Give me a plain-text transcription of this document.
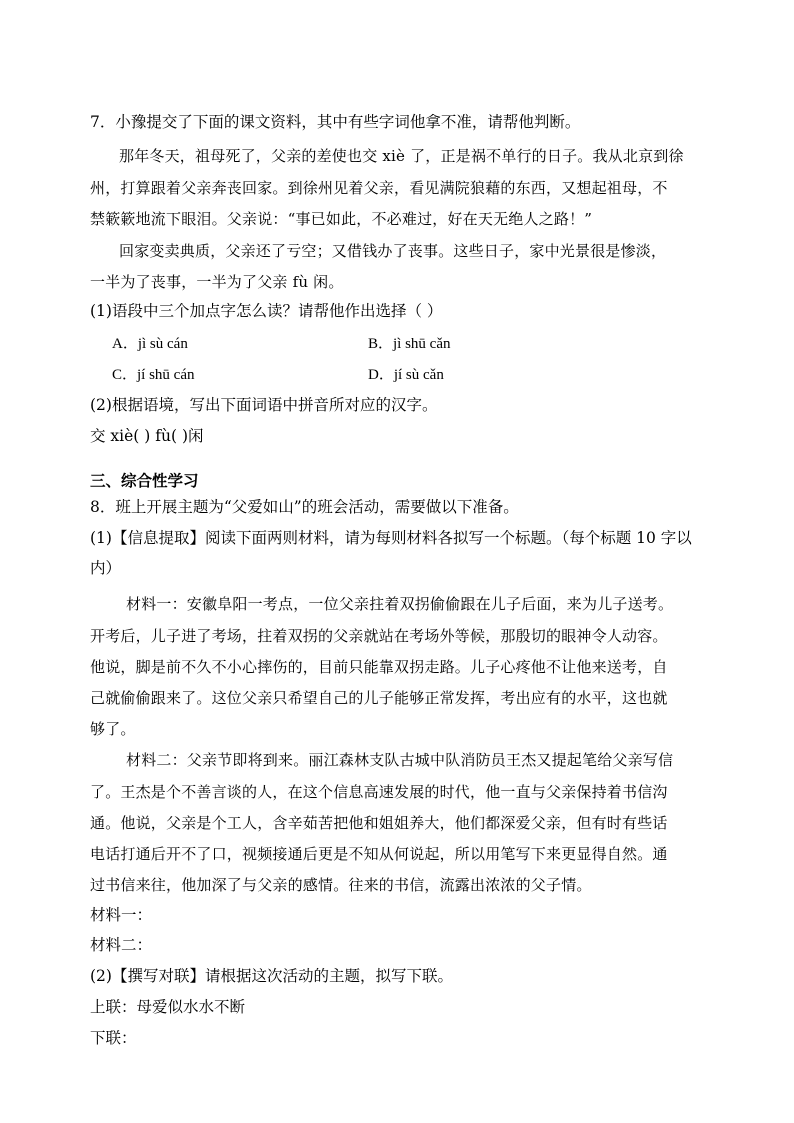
7．小豫提交了下面的课文资料，其中有些字词他拿不准，请帮他判断。
那年冬天，祖母死了，父亲的差使也交 xiè 了，正是祸不单行的日子。我从北京到徐
州，打算跟着父亲奔丧回家。到徐州见着父亲，看见满院狼藉的东西，又想起祖母，不
禁簌簌地流下眼泪。父亲说：“事已如此，不必难过，好在天无绝人之路！”
回家变卖典质，父亲还了亏空；又借钱办了丧事。这些日子，家中光景很是惨淡，
一半为了丧事，一半为了父亲 fù 闲。
(1)语段中三个加点字怎么读？请帮他作出选择（ ）
A．jì sù cán	B．jì shū cǎn
C．jí shū cán	D．jí sù cǎn
(2)根据语境，写出下面词语中拼音所对应的汉字。
交 xiè( ) fù( )闲
三、综合性学习
8．班上开展主题为“父爱如山”的班会活动，需要做以下准备。
(1)【信息提取】阅读下面两则材料，请为每则材料各拟写一个标题。（每个标题 10 字以
内）
材料一：安徽阜阳一考点，一位父亲拄着双拐偷偷跟在儿子后面，来为儿子送考。
开考后，儿子进了考场，拄着双拐的父亲就站在考场外等候，那殷切的眼神令人动容。
他说，脚是前不久不小心摔伤的，目前只能靠双拐走路。儿子心疼他不让他来送考，自
己就偷偷跟来了。这位父亲只希望自己的儿子能够正常发挥，考出应有的水平，这也就
够了。
材料二：父亲节即将到来。丽江森林支队古城中队消防员王杰又提起笔给父亲写信
了。王杰是个不善言谈的人，在这个信息高速发展的时代，他一直与父亲保持着书信沟
通。他说，父亲是个工人，含辛茹苦把他和姐姐养大，他们都深爱父亲，但有时有些话
电话打通后开不了口，视频接通后更是不知从何说起，所以用笔写下来更显得自然。通
过书信来往，他加深了与父亲的感情。往来的书信，流露出浓浓的父子情。
材料一：
材料二：
(2)【撰写对联】请根据这次活动的主题，拟写下联。
上联：母爱似水水不断
下联：
